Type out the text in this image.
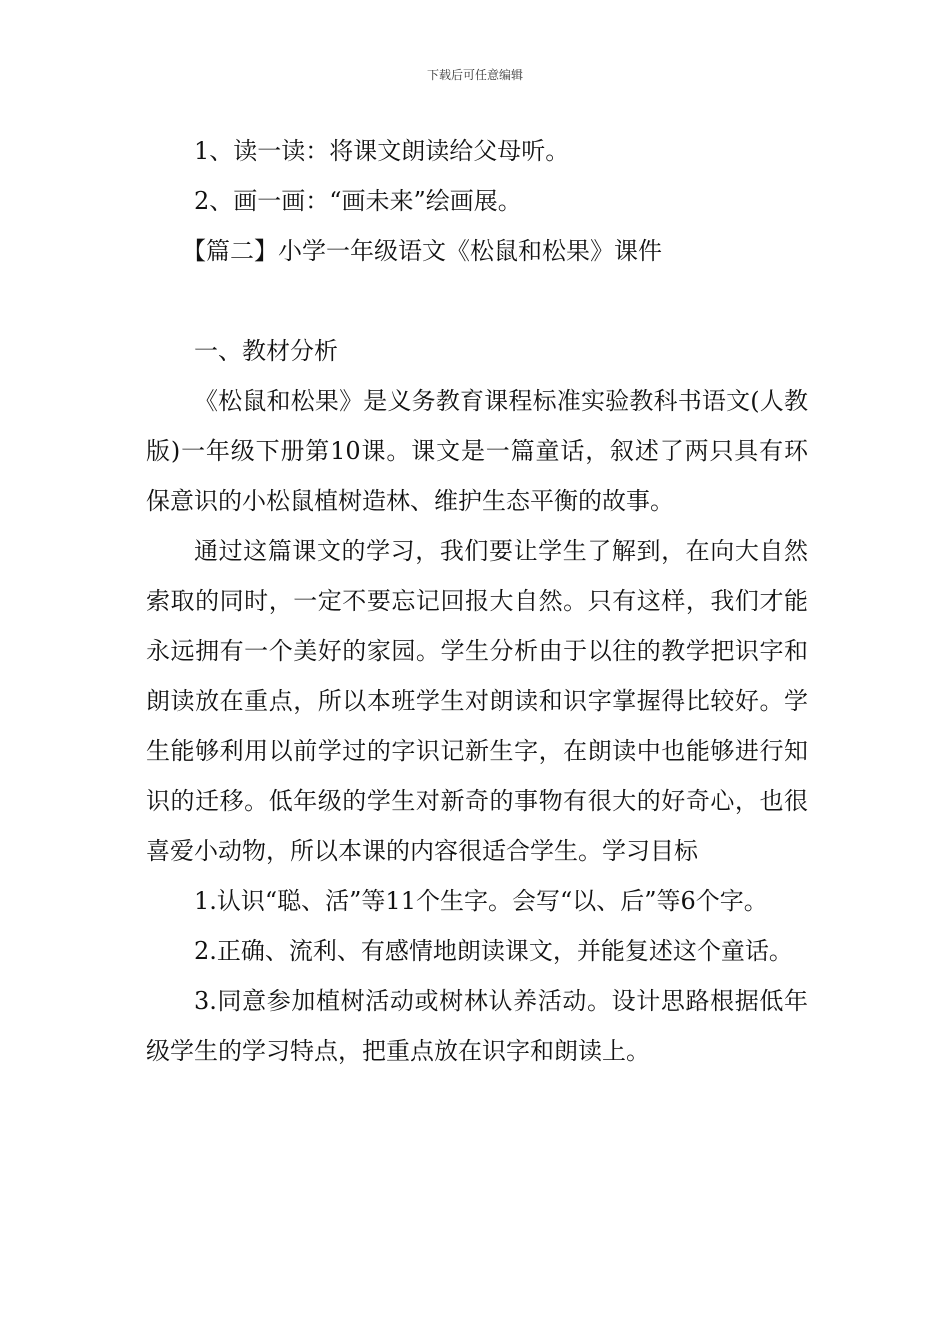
下载后可任意编辑

1、读一读：将课文朗读给父母听。

2、画一画：“画未来”绘画展。

【篇二】小学一年级语文《松鼠和松果》课件

一、教材分析

《松鼠和松果》是义务教育课程标准实验教科书语文(人教版)一年级下册第10课。课文是一篇童话，叙述了两只具有环保意识的小松鼠植树造林、维护生态平衡的故事。

通过这篇课文的学习，我们要让学生了解到，在向大自然索取的同时，一定不要忘记回报大自然。只有这样，我们才能永远拥有一个美好的家园。学生分析由于以往的教学把识字和朗读放在重点，所以本班学生对朗读和识字掌握得比较好。学生能够利用以前学过的字识记新生字，在朗读中也能够进行知识的迁移。低年级的学生对新奇的事物有很大的好奇心，也很喜爱小动物，所以本课的内容很适合学生。学习目标

1.认识“聪、活”等11个生字。会写“以、后”等6个字。

2.正确、流利、有感情地朗读课文，并能复述这个童话。

3.同意参加植树活动或树林认养活动。设计思路根据低年级学生的学习特点，把重点放在识字和朗读上。
